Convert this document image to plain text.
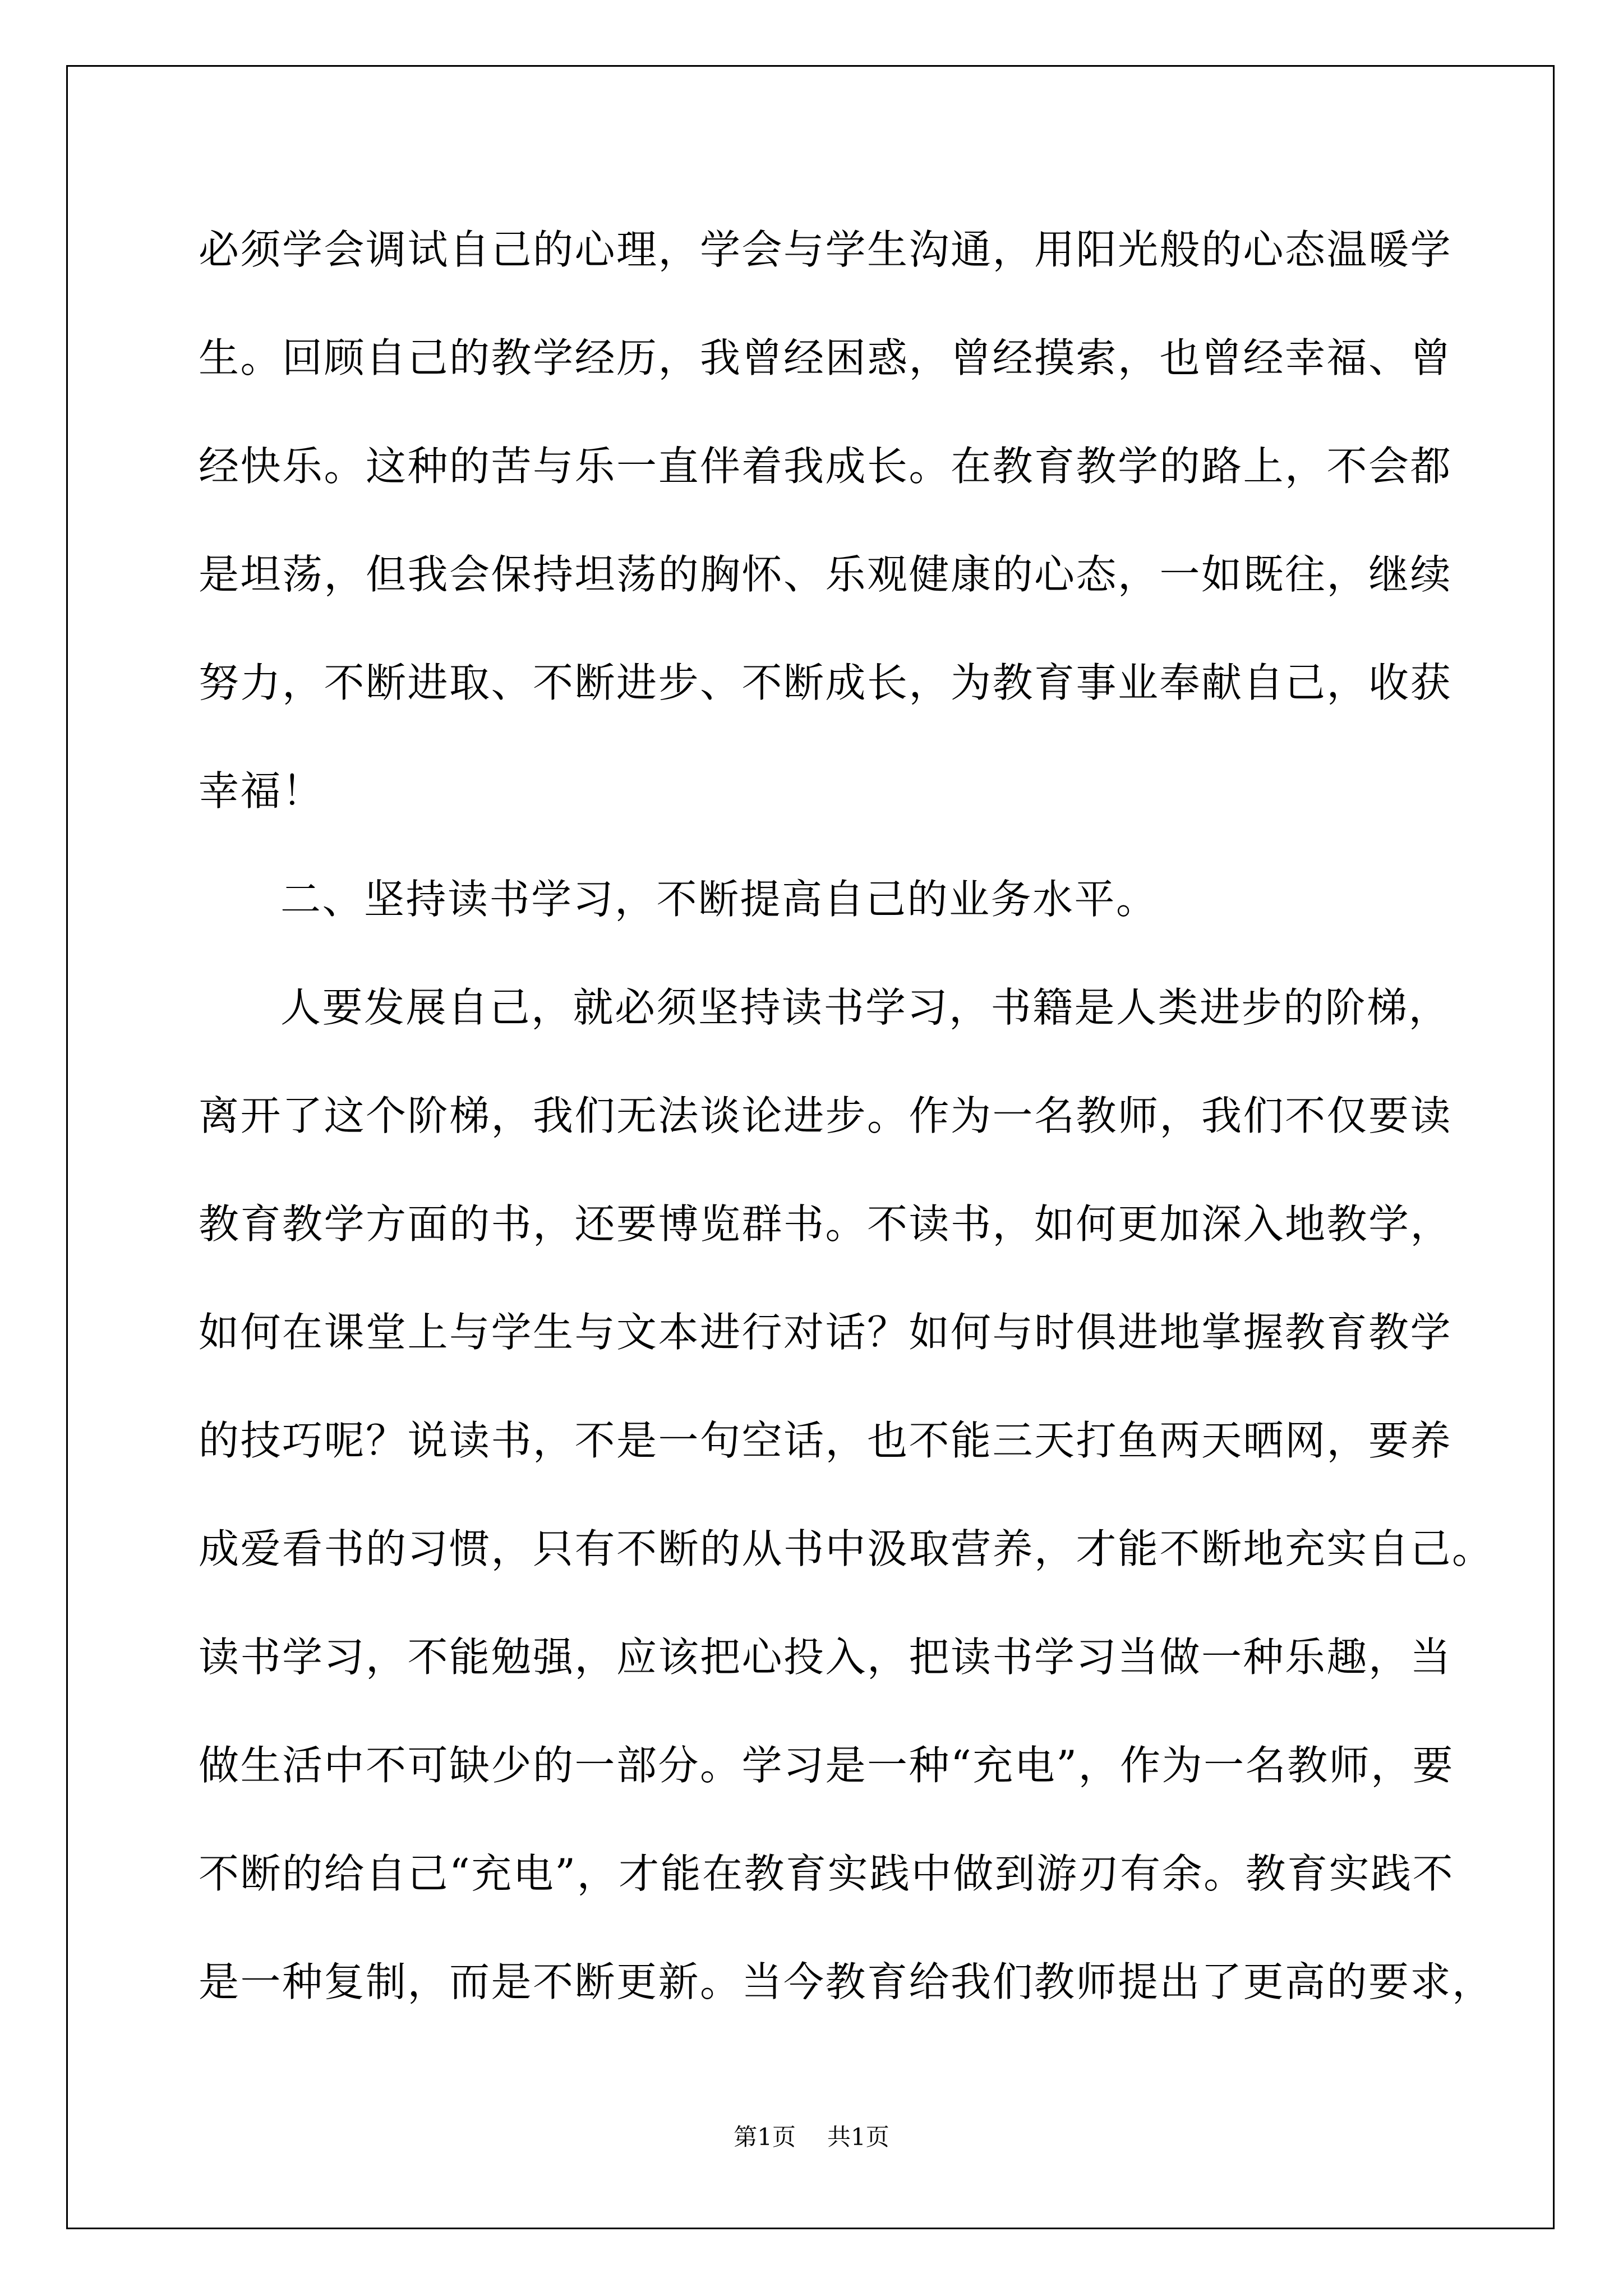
必须学会调试自己的心理，学会与学生沟通，用阳光般的心态温暖学
生。回顾自己的教学经历，我曾经困惑，曾经摸索，也曾经幸福、曾
经快乐。这种的苦与乐一直伴着我成长。在教育教学的路上，不会都
是坦荡，但我会保持坦荡的胸怀、乐观健康的心态，一如既往，继续
努力，不断进取、不断进步、不断成长，为教育事业奉献自己，收获
幸福！
二、坚持读书学习，不断提高自己的业务水平。
人要发展自己，就必须坚持读书学习，书籍是人类进步的阶梯，
离开了这个阶梯，我们无法谈论进步。作为一名教师，我们不仅要读
教育教学方面的书，还要博览群书。不读书，如何更加深入地教学，
如何在课堂上与学生与文本进行对话？如何与时俱进地掌握教育教学
的技巧呢？说读书，不是一句空话，也不能三天打鱼两天晒网，要养
成爱看书的习惯，只有不断的从书中汲取营养，才能不断地充实自己。
读书学习，不能勉强，应该把心投入，把读书学习当做一种乐趣，当
做生活中不可缺少的一部分。学习是一种“充电”，作为一名教师，要
不断的给自己“充电”，才能在教育实践中做到游刃有余。教育实践不
是一种复制，而是不断更新。当今教育给我们教师提出了更高的要求，
第1页 共1页
